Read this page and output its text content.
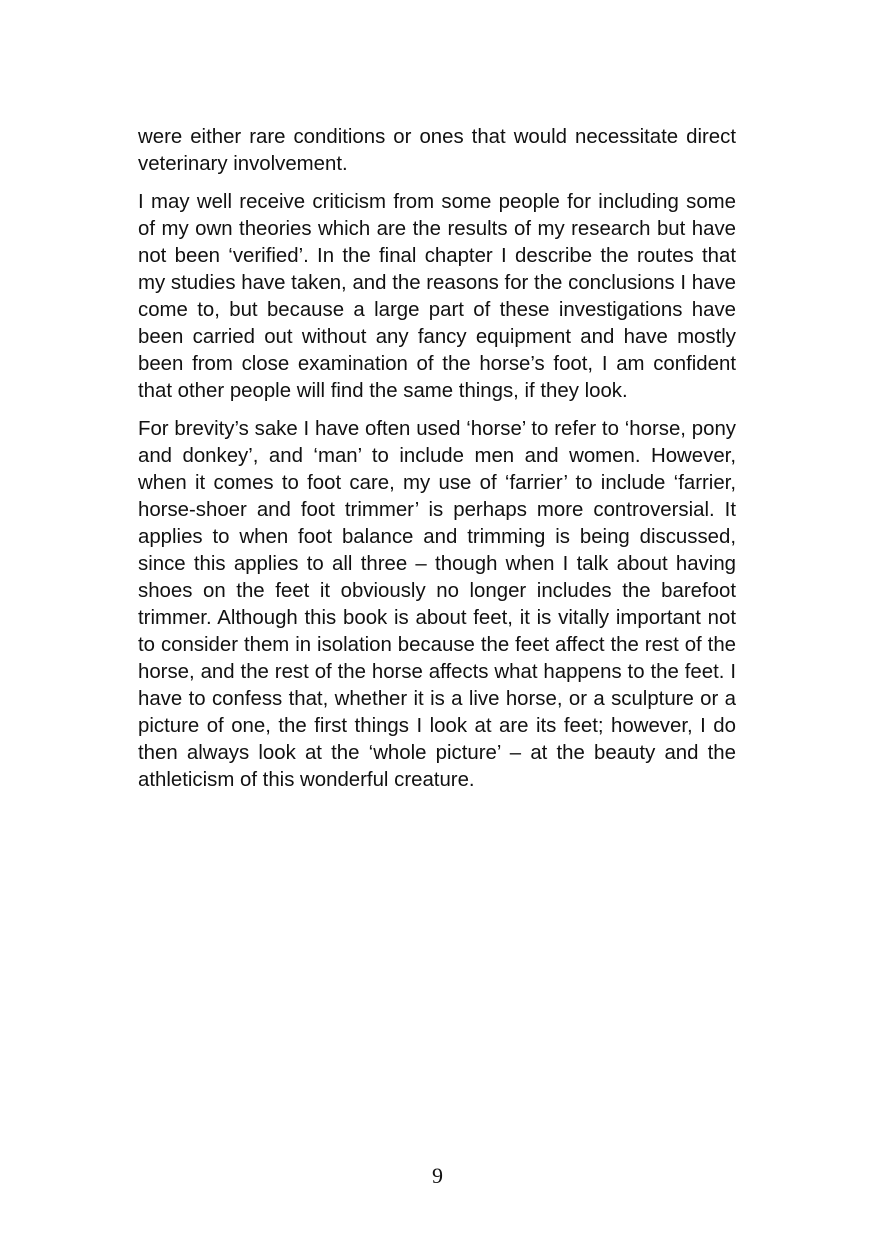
were either rare conditions or ones that would necessitate direct veterinary involvement.

I may well receive criticism from some people for including some of my own theories which are the results of my research but have not been ‘verified’. In the final chapter I describe the routes that my studies have taken, and the reasons for the conclusions I have come to, but because a large part of these investigations have been carried out without any fancy equipment and have mostly been from close examination of the horse’s foot, I am confident that other people will find the same things, if they look.

For brevity’s sake I have often used ‘horse’ to refer to ‘horse, pony and donkey’, and ‘man’ to include men and women. However, when it comes to foot care, my use of ‘farrier’ to include ‘farrier, horse-shoer and foot trimmer’ is perhaps more controversial. It applies to when foot balance and trimming is being discussed, since this applies to all three – though when I talk about having shoes on the feet it obviously no longer includes the barefoot trimmer. Although this book is about feet, it is vitally important not to consider them in isolation because the feet affect the rest of the horse, and the rest of the horse affects what happens to the feet. I have to confess that, whether it is a live horse, or a sculpture or a picture of one, the first things I look at are its feet; however, I do then always look at the ‘whole picture’ – at the beauty and the athleticism of this wonderful creature.

9
